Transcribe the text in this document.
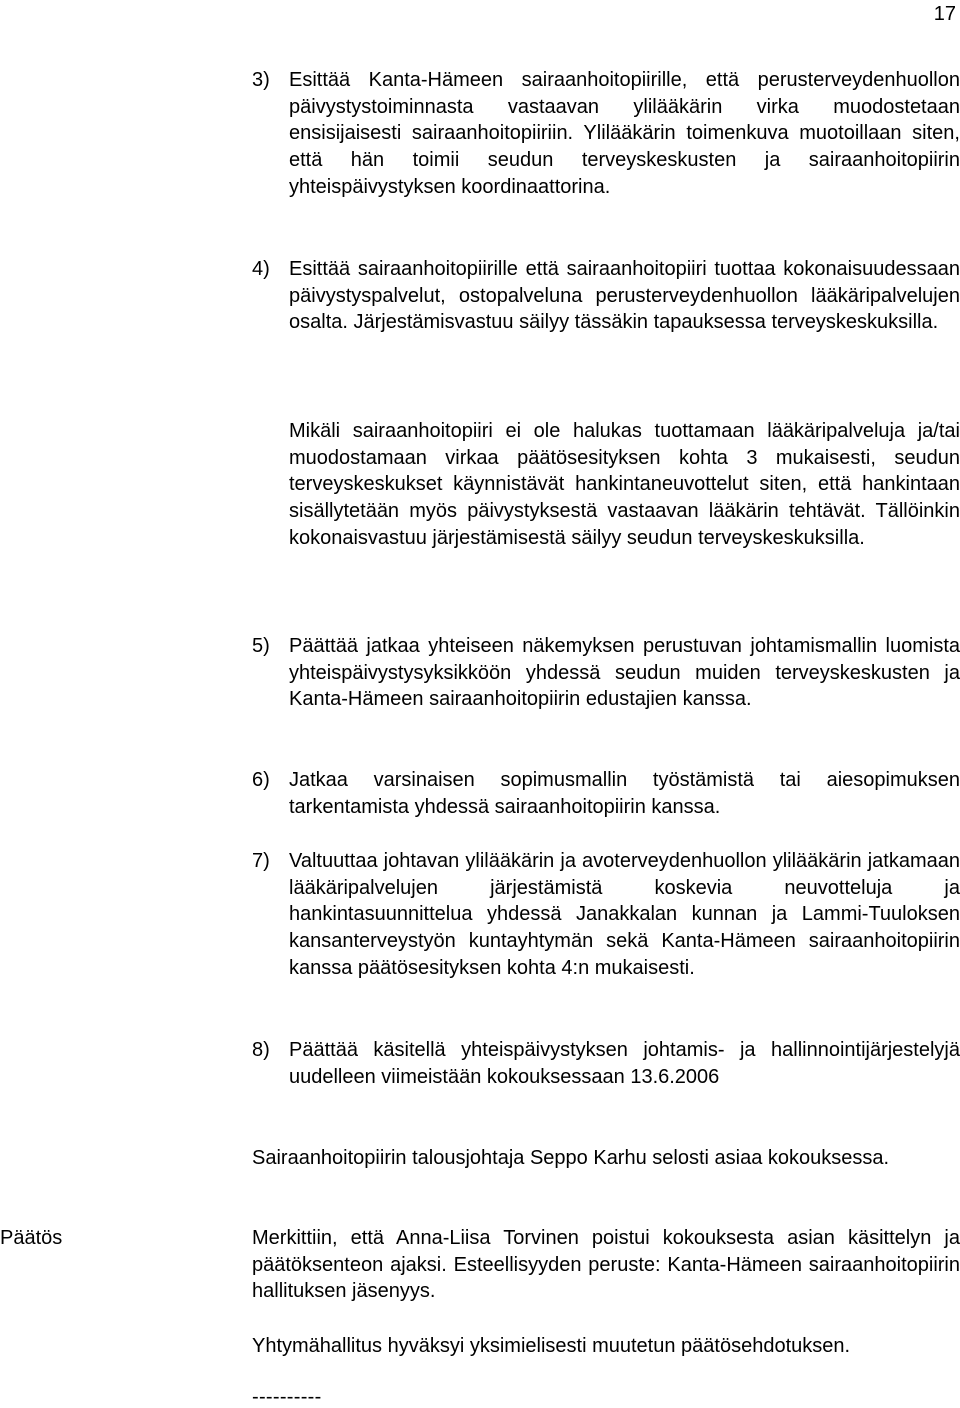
17
3) Esittää Kanta-Hämeen sairaanhoitopiirille, että perusterveydenhuollon päivystystoiminnasta vastaavan ylilääkärin virka muodostetaan ensisijaisesti sairaanhoitopiiriin. Ylilääkärin toimenkuva muotoillaan siten, että hän toimii seudun terveyskeskusten ja sairaanhoitopiirin yhteispäivystyksen koordinaattorina.
4) Esittää sairaanhoitopiirille että sairaanhoitopiiri tuottaa kokonaisuudessaan päivystyspalvelut, ostopalveluna perusterveydenhuollon lääkäripalvelujen osalta. Järjestämisvastuu säilyy tässäkin tapauksessa terveyskeskuksilla.
Mikäli sairaanhoitopiiri ei ole halukas tuottamaan lääkäripalveluja ja/tai muodostamaan virkaa päätösesityksen kohta 3 mukaisesti, seudun terveyskeskukset käynnistävät hankintaneuvottelut siten, että hankintaan sisällytetään myös päivystyksestä vastaavan lääkärin tehtävät. Tällöinkin kokonaisvastuu järjestämisestä säilyy seudun terveyskeskuksilla.
5) Päättää jatkaa yhteiseen näkemyksen perustuvan johtamismallin luomista yhteispäivystysyksikköön yhdessä seudun muiden terveyskeskusten ja Kanta-Hämeen sairaanhoitopiirin edustajien kanssa.
6) Jatkaa varsinaisen sopimusmallin työstämistä tai aiesopimuksen tarkentamista yhdessä sairaanhoitopiirin kanssa.
7) Valtuuttaa johtavan ylilääkärin ja avoterveydenhuollon ylilääkärin jatkamaan lääkäripalvelujen järjestämistä koskevia neuvotteluja ja hankintasuunnittelua yhdessä Janakkalan kunnan ja Lammi-Tuuloksen kansanterveystyön kuntayhtymän sekä Kanta-Hämeen sairaanhoitopiirin kanssa päätösesityksen kohta 4:n mukaisesti.
8) Päättää käsitellä yhteispäivystyksen johtamis- ja hallinnointijärjestelyjä uudelleen viimeistään kokouksessaan 13.6.2006
Sairaanhoitopiirin talousjohtaja Seppo Karhu selosti asiaa kokouksessa.
Päätös	Merkittiin, että Anna-Liisa Torvinen poistui kokouksesta asian käsittelyn ja päätöksenteon ajaksi. Esteellisyyden peruste: Kanta-Hämeen sairaanhoitopiirin hallituksen jäsenyys.
Yhtymähallitus hyväksyi yksimielisesti muutetun päätösehdotuksen.
----------
